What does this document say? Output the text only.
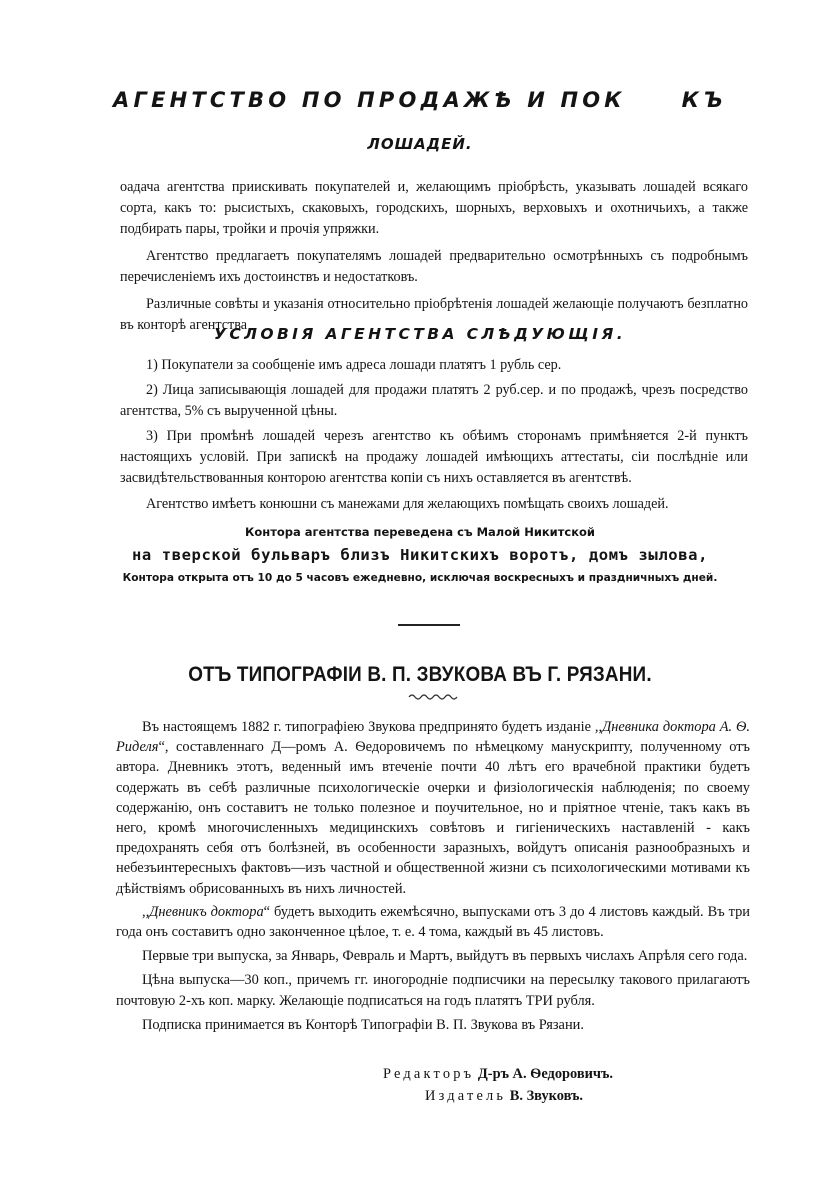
АГЕНТСТВО ПО ПРОДАЖѢ И ПОК	КЪ
ЛОШАДЕЙ.

оадача агентства приискивать покупателей и, желающимъ пріобрѣсть, указывать лошадей всякаго сорта, какъ то: рысистыхъ, скаковыхъ, городскихъ, шорныхъ, верховыхъ и охотничьихъ, а также подбирать пары, тройки и прочія упряжки.

Агентство предлагаетъ покупателямъ лошадей предварительно осмотрѣнныхъ съ подробнымъ перечисленіемъ ихъ достоинствъ и недостатковъ.

Различные совѣты и указанія относительно пріобрѣтенія лошадей желающіе получаютъ безплатно въ конторѣ агентства

УСЛОВІЯ АГЕНТСТВА СЛѢДУЮЩІЯ.

1) Покупатели за сообщеніе имъ адреса лошади платятъ 1 рубль сер.

2) Лица записывающія лошадей для продажи платятъ 2 руб.сер. и по продажѣ, чрезъ посредство агентства, 5% съ вырученной цѣны.

3) При промѣнѣ лошадей черезъ агентство къ обѣимъ сторонамъ примѣняется 2-й пунктъ настоящихъ условій. При запискѣ на продажу лошадей имѣющихъ аттестаты, сіи послѣдніе или засвидѣтельствованныя конторою агентства копіи съ нихъ оставляется въ агентствѣ.

Агентство имѣетъ конюшни съ манежами для желающихъ помѣщать своихъ лошадей.

Контора агентства переведена съ Малой Никитской
на тверской бульваръ близъ Никитскихъ воротъ, домъ зылова,
Контора открыта отъ 10 до 5 часовъ ежедневно, исключая воскресныхъ и праздничныхъ дней.
ОТЪ ТИПОГРАФІИ В. П. ЗВУКОВА ВЪ Г. РЯЗАНИ.

Въ настоящемъ 1882 г. типографіею Звукова предпринято будетъ изданіе ,,Дневника доктора А. Ѳ. Риделя“, составленнаго Д—ромъ А. Ѳедоровичемъ по нѣмецкому манускрипту, полученному отъ автора. Дневникъ этотъ, веденный имъ втеченіе почти 40 лѣтъ его врачебной практики будетъ содержать въ себѣ различные психологическіе очерки и физіологическія наблюденія; по своему содержанію, онъ составитъ не только полезное и поучительное, но и пріятное чтеніе, такъ какъ въ него, кромѣ многочисленныхъ медицинскихъ совѣтовъ и гигіеническихъ наставленій - какъ предохранять себя отъ болѣзней, въ особенности заразныхъ, войдутъ описанія разнообразныхъ и небезъинтересныхъ фактовъ—изъ частной и общественной жизни съ психологическими мотивами къ дѣйствіямъ обрисованныхъ въ нихъ личностей.

,,Дневникъ доктора“ будетъ выходить ежемѣсячно, выпусками отъ 3 до 4 листовъ каждый. Въ три года онъ составитъ одно законченное цѣлое, т. е. 4 тома, каждый въ 45 листовъ.

Первые три выпуска, за Январь, Февраль и Мартъ, выйдутъ въ первыхъ числахъ Апрѣля сего года.

Цѣна выпуска—30 коп., причемъ гг. иногородніе подписчики на пересылку такового прилагаютъ почтовую 2-хъ коп. марку. Желающіе подписаться на годъ платятъ ТРИ рубля.

Подписка принимается въ Конторѣ Типографіи В. П. Звукова въ Рязани.

Редакторъ Д-ръ А. Ѳедоровичъ.
Издатель В. Звуковъ.
